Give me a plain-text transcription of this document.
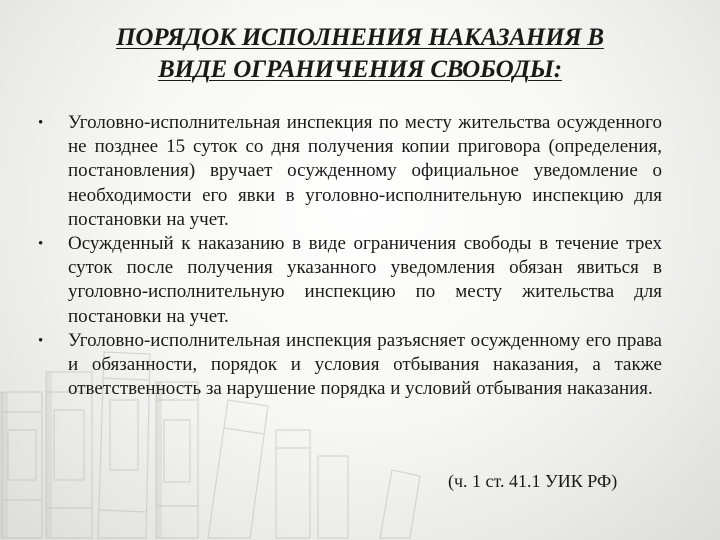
ПОРЯДОК ИСПОЛНЕНИЯ НАКАЗАНИЯ В
ВИДЕ ОГРАНИЧЕНИЯ СВОБОДЫ:
• Уголовно-исполнительная инспекция по месту жительства осужденного не позднее 15 суток со дня получения копии приговора (определения, постановления) вручает осужденному официальное уведомление о необходимости его явки в уголовно-исполнительную инспекцию для постановки на учет.
• Осужденный к наказанию в виде ограничения свободы в течение трех суток после получения указанного уведомления обязан явиться в уголовно-исполнительную инспекцию по месту жительства для постановки на учет.
• Уголовно-исполнительная инспекция разъясняет осужденному его права и обязанности, порядок и условия отбывания наказания, а также ответственность за нарушение порядка и условий отбывания наказания.
(ч. 1 ст. 41.1 УИК РФ)
